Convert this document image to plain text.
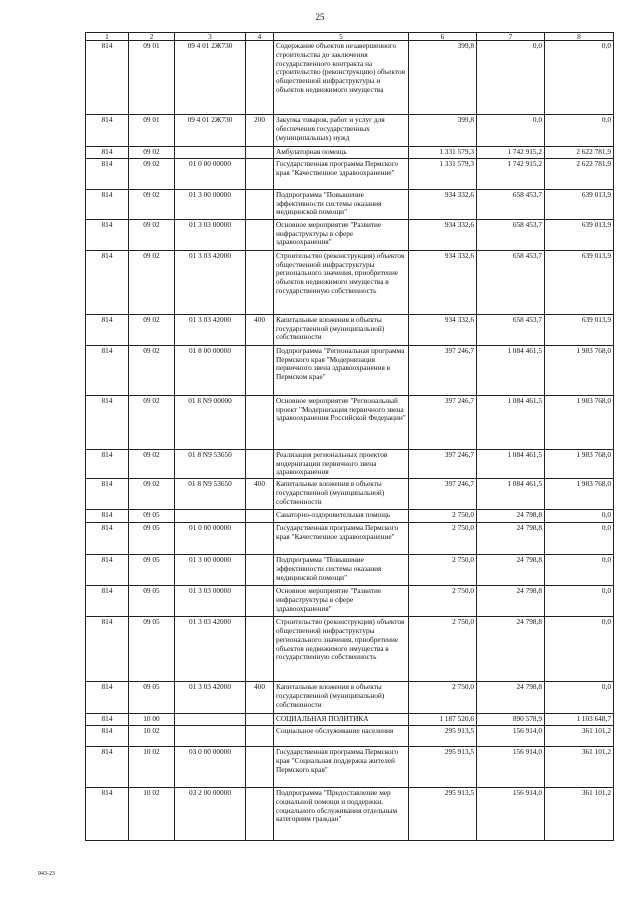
25
1	2	3	4	5	6	7	8
814	09 01	09 4 01 2Ж730		Содержание объектов незавершенного строительства до заключения государственного контракта на строительство (реконструкцию) объектов общественной инфраструктуры и объектов недвижимого имущества	399,8	0,0	0,0
814	09 01	09 4 01 2Ж730	200	Закупка товаров, работ и услуг для обеспечения государственных (муниципальных) нужд	399,8	0,0	0,0
814	09 02			Амбулаторная помощь	1 331 579,3	1 742 915,2	2 622 781,9
814	09 02	01 0 00 00000		Государственная программа Пермского края "Качественное здравоохранение"	1 331 579,3	1 742 915,2	2 622 781,9
814	09 02	01 3 00 00000		Подпрограмма "Повышение эффективности системы оказания медицинской помощи"	934 332,6	658 453,7	639 013,9
814	09 02	01 3 03 00000		Основное мероприятие "Развитие инфраструктуры в сфере здравоохранения"	934 332,6	658 453,7	639 013,9
814	09 02	01 3 03 42000		Строительство (реконструкция) объектов общественной инфраструктуры регионального значения, приобретение объектов недвижимого имущества в государственную собственность	934 332,6	658 453,7	639 013,9
814	09 02	01 3 03 42000	400	Капитальные вложения в объекты государственной (муниципальной) собственности	934 332,6	658 453,7	639 013,9
814	09 02	01 8 00 00000		Подпрограмма "Региональная программа Пермского края "Модернизация первичного звена здравоохранения в Пермском крае"	397 246,7	1 084 461,5	1 983 768,0
814	09 02	01 8 N9 00000		Основное мероприятие "Региональный проект "Модернизация первичного звена здравоохранения Российской Федерации"	397 246,7	1 084 461,5	1 983 768,0
814	09 02	01 8 N9 53650		Реализация региональных проектов модернизации первичного звена здравоохранения	397 246,7	1 084 461,5	1 983 768,0
814	09 02	01 8 N9 53650	400	Капитальные вложения в объекты государственной (муниципальной) собственности	397 246,7	1 084 461,5	1 983 768,0
814	09 05			Санаторно-оздоровительная помощь	2 750,0	24 798,8	0,0
814	09 05	01 0 00 00000		Государственная программа Пермского края "Качественное здравоохранение"	2 750,0	24 798,8	0,0
814	09 05	01 3 00 00000		Подпрограмма "Повышение эффективности системы оказания медицинской помощи"	2 750,0	24 798,8	0,0
814	09 05	01 3 03 00000		Основное мероприятие "Развитие инфраструктуры в сфере здравоохранения"	2 750,0	24 798,8	0,0
814	09 05	01 3 03 42000		Строительство (реконструкция) объектов общественной инфраструктуры регионального значения, приобретение объектов недвижимого имущества в государственную собственность	2 750,0	24 798,8	0,0
814	09 05	01 3 03 42000	400	Капитальные вложения в объекты государственной (муниципальной) собственности	2 750,0	24 798,8	0,0
814	10 00			СОЦИАЛЬНАЯ ПОЛИТИКА	1 187 520,6	890 578,9	1 103 648,7
814	10 02			Социальное обслуживание населения	295 913,5	156 914,0	361 101,2
814	10 02	03 0 00 00000		Государственная программа Пермского края "Социальная поддержка жителей Пермского края"	295 913,5	156 914,0	361 101,2
814	10 02	03 2 00 00000		Подпрограмма "Предоставление мер социальной помощи и поддержки, социального обслуживания отдельным категориям граждан"	295 913,5	156 914,0	361 101,2
943-23
